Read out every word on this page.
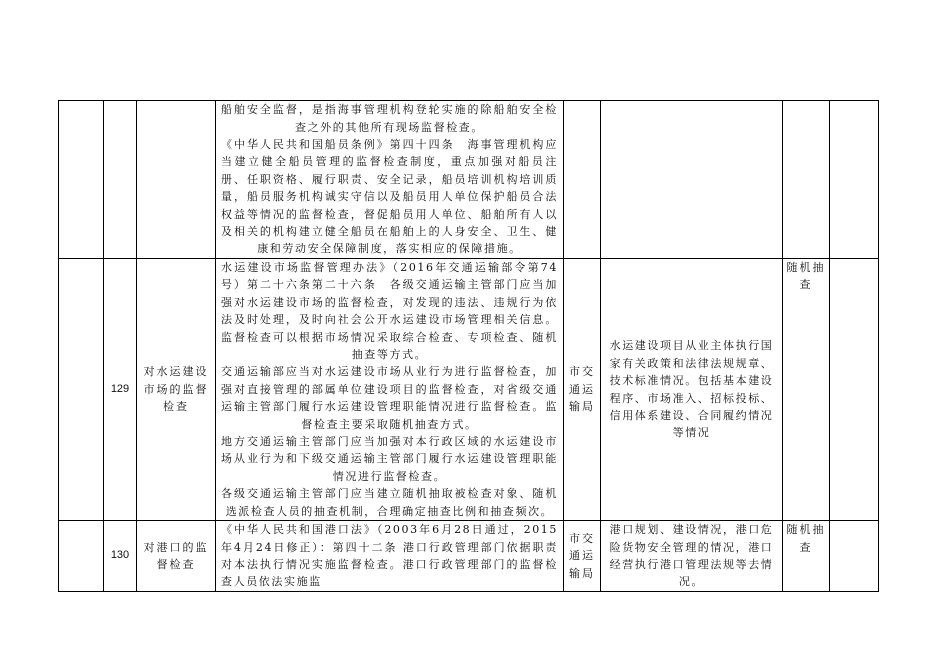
			船舶安全监督，是指海事管理机构登轮实施的除船舶安全检查之外的其他所有现场监督检查。

《中华人民共和国船员条例》第四十四条　海事管理机构应当建立健全船员管理的监督检查制度，重点加强对船员注册、任职资格、履行职责、安全记录，船员培训机构培训质量，船员服务机构诚实守信以及船员用人单位保护船员合法权益等情况的监督检查，督促船员用人单位、船舶所有人以及相关的机构建立健全船员在船舶上的人身安全、卫生、健康和劳动安全保障制度，落实相应的保障措施。				

	129	对水运建设市场的监督检查	水运建设市场监督管理办法》（2016年交通运输部令第74号）第二十六条第二十六条　各级交通运输主管部门应当加强对水运建设市场的监督检查，对发现的违法、违规行为依法及时处理，及时向社会公开水运建设市场管理相关信息。监督检查可以根据市场情况采取综合检查、专项检查、随机抽查等方式。

交通运输部应当对水运建设市场从业行为进行监督检查，加强对直接管理的部属单位建设项目的监督检查，对省级交通运输主管部门履行水运建设管理职能情况进行监督检查。监督检查主要采取随机抽查方式。

地方交通运输主管部门应当加强对本行政区域的水运建设市场从业行为和下级交通运输主管部门履行水运建设管理职能情况进行监督检查。

各级交通运输主管部门应当建立随机抽取被检查对象、随机选派检查人员的抽查机制，合理确定抽查比例和抽查频次。	市交通运输局	水运建设项目从业主体执行国家有关政策和法律法规规章、技术标准情况。包括基本建设程序、市场准入、招标投标、信用体系建设、合同履约情况等情况	随机抽查	
	130	对港口的监督检查	《中华人民共和国港口法》（2003年6月28日通过，2015年4月24日修正）：第四十二条 港口行政管理部门依据职责对本法执行情况实施监督检查。港口行政管理部门的监督检查人员依法实施监	市交通运输局	港口规划、建设情况，港口危险货物安全管理的情况，港口经营执行港口管理法规等去情况。	随机抽查	
